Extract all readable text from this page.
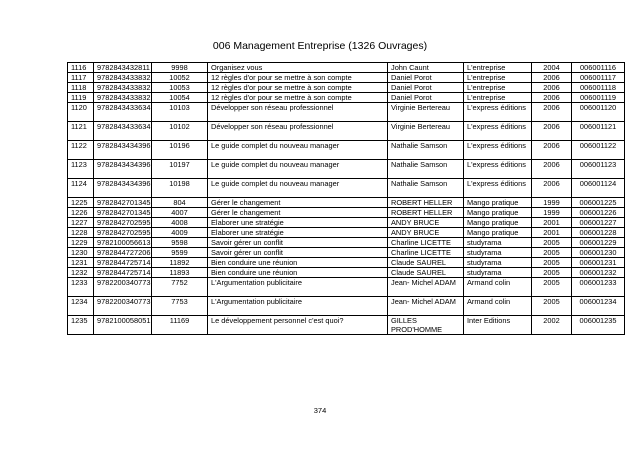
006 Management Entreprise (1326 Ouvrages)
1116	9782843432811	9998	Organisez vous	John Caunt	L'entreprise	2004	006001116
1117	9782843433832	10052	12 règles d'or pour se mettre à son compte	Daniel Porot	L'entreprise	2006	006001117
1118	9782843433832	10053	12 règles d'or pour se mettre à son compte	Daniel Porot	L'entreprise	2006	006001118
1119	9782843433832	10054	12 règles d'or pour se mettre à son compte	Daniel Porot	L'entreprise	2006	006001119
1120	9782843433634	10103	Développer son réseau professionnel	Virginie Bertereau	L'express éditions	2006	006001120
1121	9782843433634	10102	Développer son réseau professionnel	Virginie Bertereau	L'express éditions	2006	006001121
1122	9782843434396	10196	Le guide complet du nouveau manager	Nathalie Samson	L'express éditions	2006	006001122
1123	9782843434396	10197	Le guide complet du nouveau manager	Nathalie Samson	L'express éditions	2006	006001123
1124	9782843434396	10198	Le guide complet du nouveau manager	Nathalie Samson	L'express éditions	2006	006001124
1225	9782842701345	804	Gérer le changement	ROBERT HELLER	Mango pratique	1999	006001225
1226	9782842701345	4007	Gérer le changement	ROBERT HELLER	Mango pratique	1999	006001226
1227	9782842702595	4008	Elaborer une stratégie	ANDY BRUCE	Mango pratique	2001	006001227
1228	9782842702595	4009	Elaborer une stratégie	ANDY BRUCE	Mango pratique	2001	006001228
1229	9782100056613	9598	Savoir gérer un conflit	Charline LICETTE	studyrama	2005	006001229
1230	9782844727206	9599	Savoir gérer un conflit	Charline LICETTE	studyrama	2005	006001230
1231	9782844725714	11892	Bien conduire une réunion	Claude SAUREL	studyrama	2005	006001231
1232	9782844725714	11893	Bien conduire une réunion	Claude SAUREL	studyrama	2005	006001232
1233	9782200340773	7752	L'Argumentation publicitaire	Jean- Michel ADAM	Armand colin	2005	006001233
1234	9782200340773	7753	L'Argumentation publicitaire	Jean- Michel ADAM	Armand colin	2005	006001234
1235	9782100058051	11169	Le développement personnel c'est quoi?	GILLES PROD'HOMME	Inter Editions	2002	006001235
374
